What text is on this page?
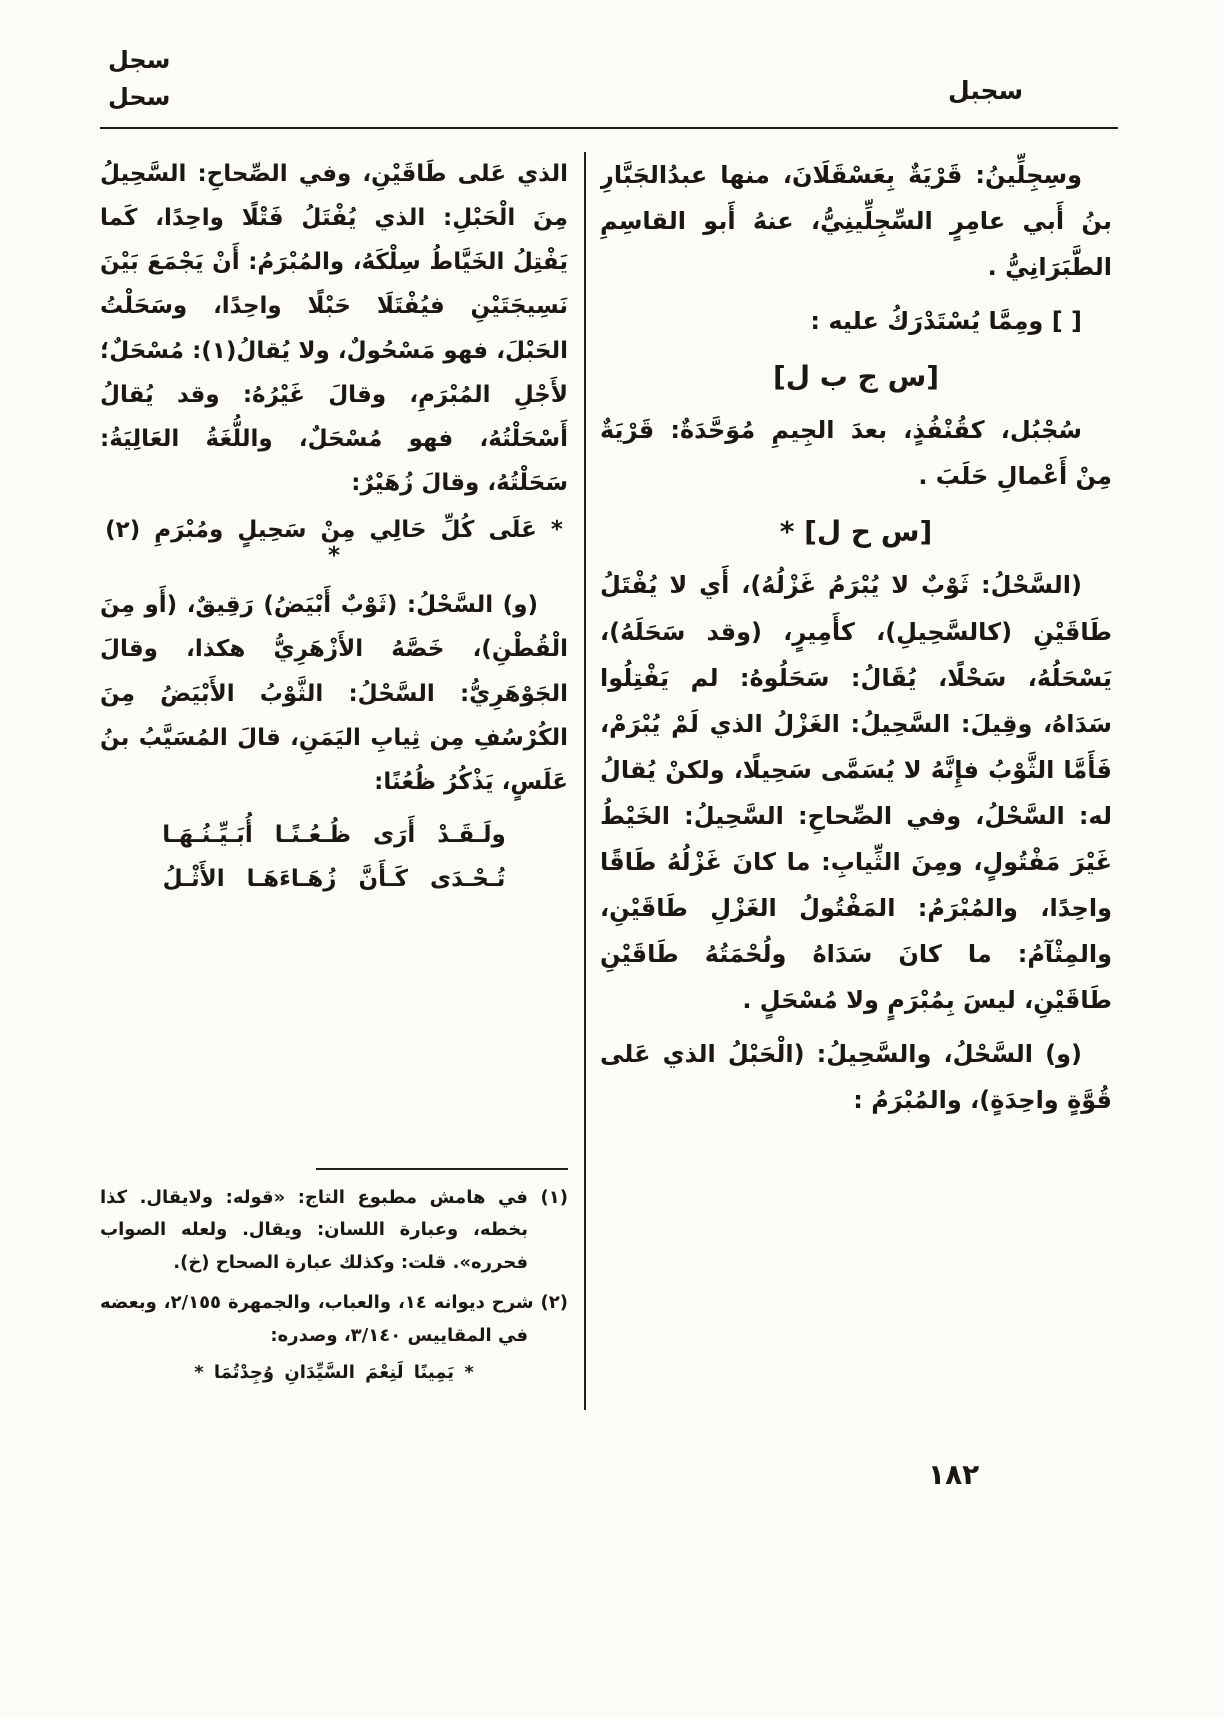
سجل
سحل	سجبل

وسِجِلِّينُ: قَرْيَةٌ بِعَسْقَلَانَ، منها عبدُالجَبَّارِ بنُ أَبي عامِرٍ السِّجِلِّينِيُّ، عنهُ أَبو القاسِمِ الطَّبَرَانِيُّ .

[ ] ومِمَّا يُسْتَدْرَكُ عليه :

[س ج ب ل]

سُجْبُل، كقُنْفُذٍ، بعدَ الجِيمِ مُوَحَّدَةٌ: قَرْيَةٌ مِنْ أَعْمالِ حَلَبَ .

[س ح ل] *

(السَّحْلُ: ثَوْبٌ لا يُبْرَمُ غَزْلُهُ)، أَي لا يُفْتَلُ طَاقَيْنِ (كالسَّحِيلِ)، كأَمِيرٍ، (وقد سَحَلَهُ)، يَسْحَلُهُ، سَحْلًا، يُقَالُ: سَحَلُوهُ: لم يَفْتِلُوا سَدَاهُ، وقِيلَ: السَّحِيلُ: الغَزْلُ الذي لَمْ يُبْرَمْ، فَأَمَّا الثَّوْبُ فإِنَّهُ لا يُسَمَّى سَحِيلًا، ولكنْ يُقالُ له: السَّحْلُ، وفي الصِّحاحِ: السَّحِيلُ: الخَيْطُ غَيْرَ مَفْتُولٍ، ومِنَ الثِّيابِ: ما كانَ غَزْلُهُ طَاقًا واحِدًا، والمُبْرَمُ: المَفْتُولُ الغَزْلِ طَاقَيْنِ، والمِثْآمُ: ما كانَ سَدَاهُ ولُحْمَتُهُ طَاقَيْنِ طَاقَيْنِ، ليسَ بِمُبْرَمٍ ولا مُسْحَلٍ .

(و) السَّحْلُ، والسَّحِيلُ: (الْحَبْلُ الذي عَلى قُوَّةٍ واحِدَةٍ)، والمُبْرَمُ :

الذي عَلى طَاقَيْنِ، وفي الصِّحاحِ: السَّحِيلُ مِنَ الْحَبْلِ: الذي يُفْتَلُ فَتْلًا واحِدًا، كَما يَفْتِلُ الخَيَّاطُ سِلْكَهُ، والمُبْرَمُ: أَنْ يَجْمَعَ بَيْنَ نَسِيجَتَيْنِ فيُفْتَلَا حَبْلًا واحِدًا، وسَحَلْتُ الحَبْلَ، فهو مَسْحُولٌ، ولا يُقالُ(١): مُسْحَلٌ؛ لأَجْلِ المُبْرَمِ، وقالَ غَيْرُهُ: وقد يُقالُ أَسْحَلْتُهُ، فهو مُسْحَلٌ، واللُّغَةُ العَالِيَةُ: سَحَلْتُهُ، وقالَ زُهَيْرٌ:

* عَلَى كُلِّ حَالِي مِنْ سَحِيلٍ ومُبْرَمِ (٢) *

(و) السَّحْلُ: (ثَوْبٌ أَبْيَضُ) رَقِيقٌ، (أَو مِنَ الْقُطْنِ)، خَصَّهُ الأَزْهَرِيُّ هكذا، وقالَ الجَوْهَرِيُّ: السَّحْلُ: الثَّوْبُ الأَبْيَضُ مِنَ الكُرْسُفِ مِن ثِيابِ اليَمَنِ، قالَ المُسَيَّبُ بنُ عَلَسٍ، يَذْكُرُ ظُعُنًا:

ولَـقَـدْ أَرَى ظُـعُـنًـا أُبَـيِّـنُـهَـا
تُـحْـدَى كَـأَنَّ زُهَـاءَهَـا الأَثْـلُ

(١) في هامش مطبوع التاج: «قوله: ولايقال. كذا بخطه، وعبارة اللسان: ويقال. ولعله الصواب فحرره». قلت: وكذلك عبارة الصحاح (خ).

(٢) شرح ديوانه ١٤، والعباب، والجمهرة ٢/١٥٥، وبعضه في المقاييس ٣/١٤٠، وصدره:

* يَمِينًا لَنِعْمَ السَّيِّدَانِ وُجِدْتُمَا *
١٨٢
